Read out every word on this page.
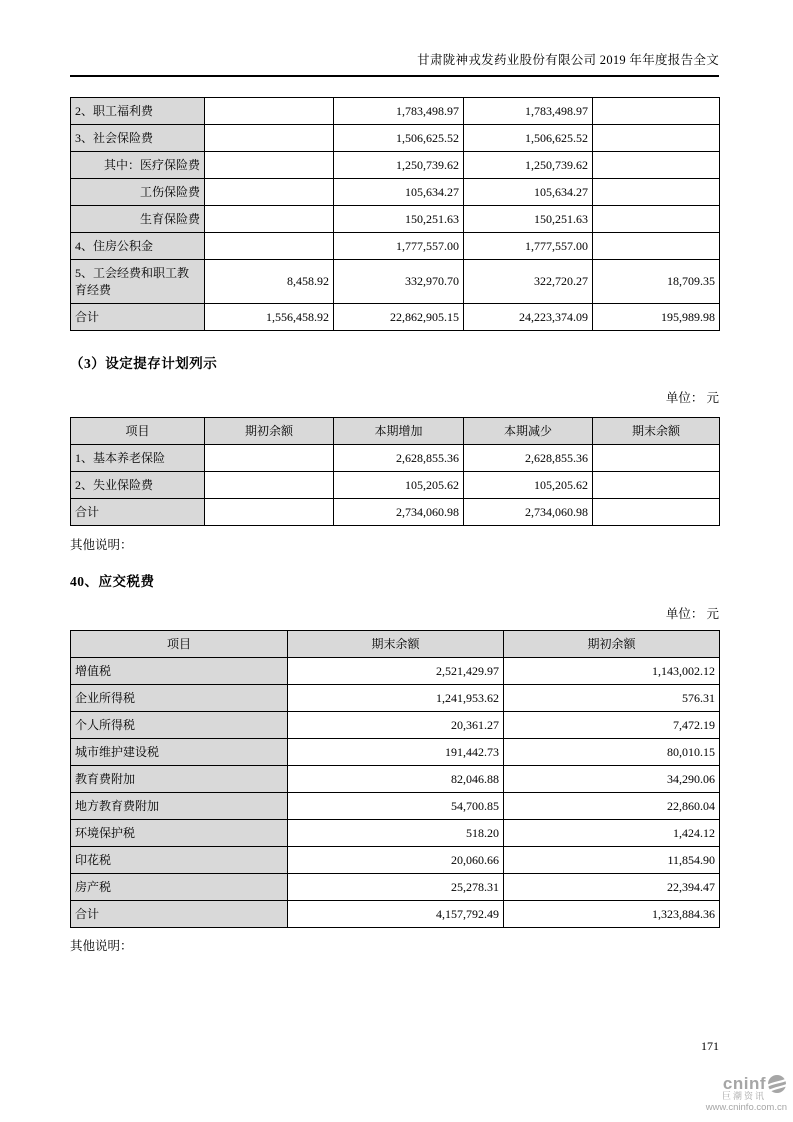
甘肃陇神戎发药业股份有限公司 2019 年年度报告全文
2、职工福利费		1,783,498.97	1,783,498.97	
3、社会保险费		1,506,625.52	1,506,625.52	
其中：医疗保险费		1,250,739.62	1,250,739.62	
工伤保险费		105,634.27	105,634.27	
生育保险费		150,251.63	150,251.63	
4、住房公积金		1,777,557.00	1,777,557.00	
5、工会经费和职工教育经费	8,458.92	332,970.70	322,720.27	18,709.35
合计	1,556,458.92	22,862,905.15	24,223,374.09	195,989.98
（3）设定提存计划列示
单位： 元
项目	期初余额	本期增加	本期减少	期末余额
1、基本养老保险		2,628,855.36	2,628,855.36	
2、失业保险费		105,205.62	105,205.62	
合计		2,734,060.98	2,734,060.98	
其他说明：
40、应交税费
单位： 元
项目	期末余额	期初余额
增值税	2,521,429.97	1,143,002.12
企业所得税	1,241,953.62	576.31
个人所得税	20,361.27	7,472.19
城市维护建设税	191,442.73	80,010.15
教育费附加	82,046.88	34,290.06
地方教育费附加	54,700.85	22,860.04
环境保护税	518.20	1,424.12
印花税	20,060.66	11,854.90
房产税	25,278.31	22,394.47
合计	4,157,792.49	1,323,884.36
其他说明：
171
cninf
巨潮资讯
www.cninfo.com.cn
